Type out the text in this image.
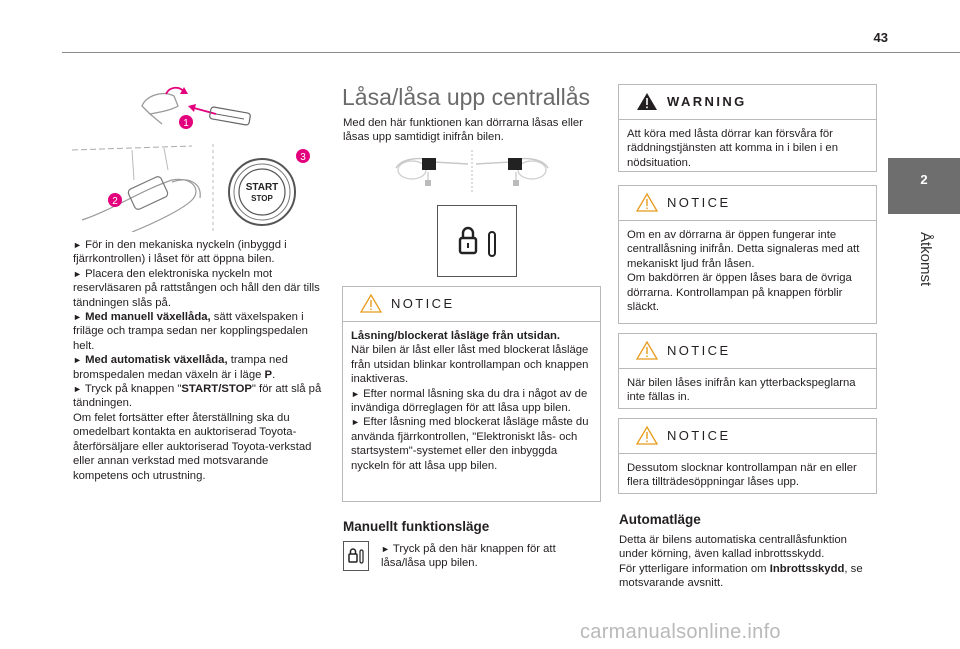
43
2
Åtkomst
1
2
START
STOP
3

► För in den mekaniska nyckeln (inbyggd i fjärrkontrollen) i låset för att öppna bilen.

► Placera den elektroniska nyckeln mot reservläsaren på rattstången och håll den där tills tändningen slås på.

► Med manuell växellåda, sätt växelspaken i friläge och trampa sedan ner kopplingspedalen helt.

► Med automatisk växellåda, trampa ned bromspedalen medan växeln är i läge P.

► Tryck på knappen "START/STOP" för att slå på tändningen.

Om felet fortsätter efter återställning ska du omedelbart kontakta en auktoriserad Toyota-återförsäljare eller auktoriserad Toyota-verkstad eller annan verkstad med motsvarande kompetens och utrustning.

Låsa/låsa upp centrallås
Med den här funktionen kan dörrarna låsas eller låsas upp samtidigt inifrån bilen.
NOTICE

Låsning/blockerat låsläge från utsidan.

När bilen är låst eller låst med blockerat låsläge från utsidan blinkar kontrollampan och knappen inaktiveras.

► Efter normal låsning ska du dra i något av de invändiga dörreglagen för att låsa upp bilen.

► Efter låsning med blockerat låsläge måste du använda fjärrkontrollen, "Elektroniskt lås- och startsystem"-systemet eller den inbyggda nyckeln för att låsa upp bilen.

Manuellt funktionsläge
► Tryck på den här knappen för att låsa/låsa upp bilen.
WARNING
Att köra med låsta dörrar kan försvåra för räddningstjänsten att komma in i bilen i en nödsituation.
NOTICE

Om en av dörrarna är öppen fungerar inte centrallåsning inifrån. Detta signaleras med att mekaniskt ljud från låsen.

Om bakdörren är öppen låses bara de övriga dörrarna. Kontrollampan på knappen förblir släckt.

NOTICE
När bilen låses inifrån kan ytterbackspeglarna inte fällas in.
NOTICE
Dessutom slocknar kontrollampan när en eller flera tillträdesöppningar låses upp.
Automatläge

Detta är bilens automatiska centrallåsfunktion under körning, även kallad inbrottsskydd.

För ytterligare information om Inbrottsskydd, se motsvarande avsnitt.

carmanualsonline.info
